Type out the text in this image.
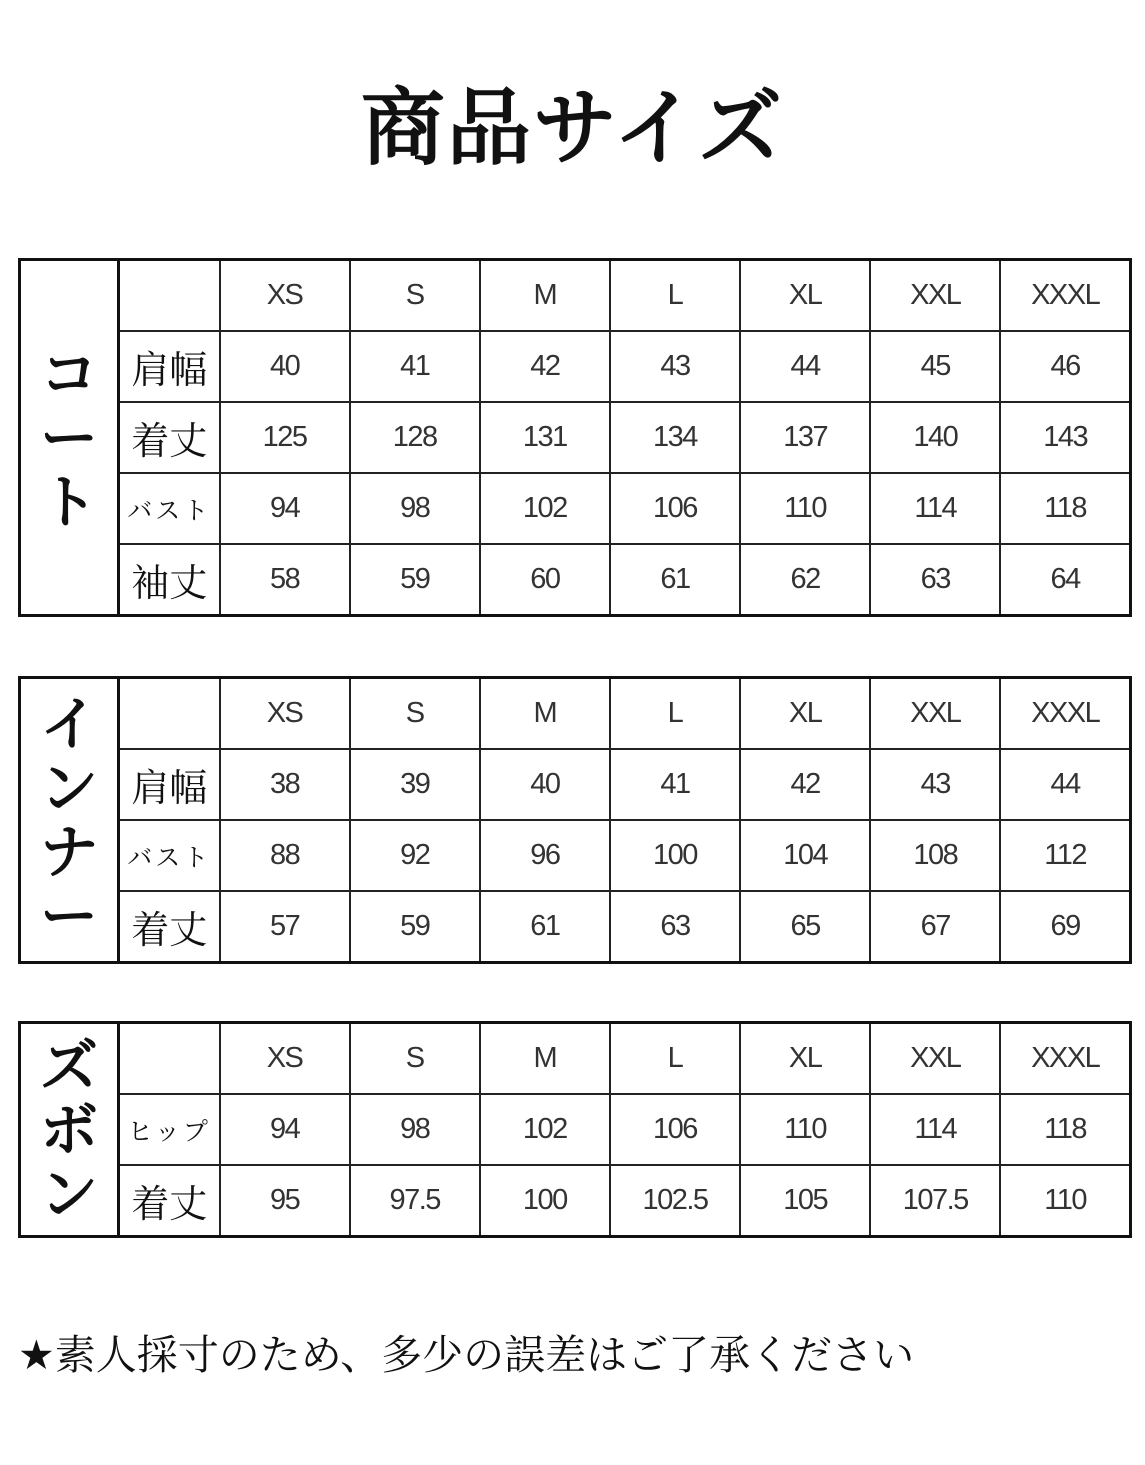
商品サイズ
コート		XS	S	M	L	XL	XXL	XXXL
	肩幅	40	41	42	43	44	45	46
	着丈	125	128	131	134	137	140	143
	バスト	94	98	102	106	110	114	118
	袖丈	58	59	60	61	62	63	64
インナー		XS	S	M	L	XL	XXL	XXXL
	肩幅	38	39	40	41	42	43	44
	バスト	88	92	96	100	104	108	112
	着丈	57	59	61	63	65	67	69
ズボン		XS	S	M	L	XL	XXL	XXXL
	ヒップ	94	98	102	106	110	114	118
	着丈	95	97.5	100	102.5	105	107.5	110
★素人採寸のため、多少の誤差はご了承ください
